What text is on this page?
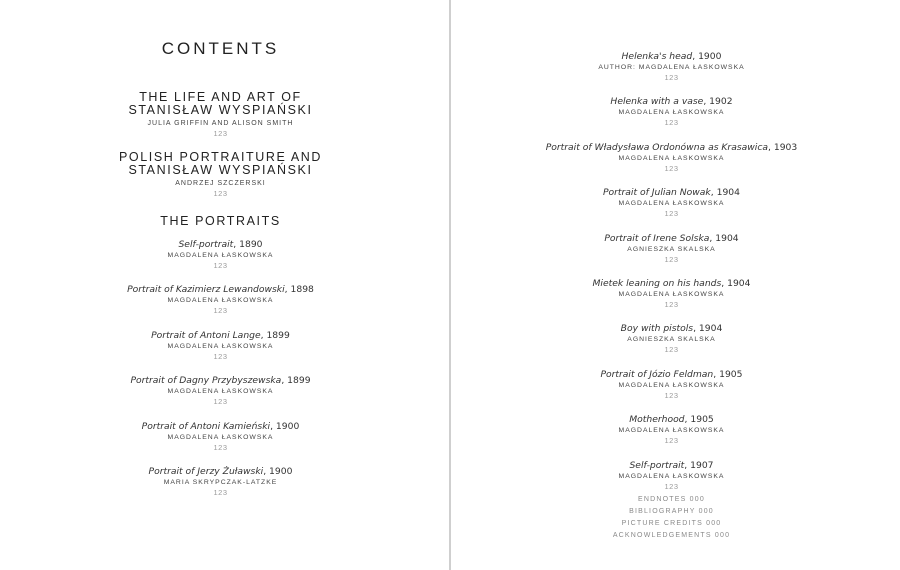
CONTENTS
THE LIFE AND ART OF
STANISŁAW WYSPIAŃSKI
JULIA GRIFFIN AND ALISON SMITH
123
POLISH PORTRAITURE AND
STANISŁAW WYSPIAŃSKI
ANDRZEJ SZCZERSKI
123
THE PORTRAITS
Self-portrait, 1890
MAGDALENA ŁASKOWSKA
123
Portrait of Kazimierz Lewandowski, 1898
MAGDALENA ŁASKOWSKA
123
Portrait of Antoni Lange, 1899
MAGDALENA ŁASKOWSKA
123
Portrait of Dagny Przybyszewska, 1899
MAGDALENA ŁASKOWSKA
123
Portrait of Antoni Kamieński, 1900
MAGDALENA ŁASKOWSKA
123
Portrait of Jerzy Żuławski, 1900
MARIA SKRYPCZAK-LATZKE
123
Helenka's head, 1900
AUTHOR: MAGDALENA ŁASKOWSKA
123
Helenka with a vase, 1902
MAGDALENA ŁASKOWSKA
123
Portrait of Władysława Ordonówna as Krasawica, 1903
MAGDALENA ŁASKOWSKA
123
Portrait of Julian Nowak, 1904
MAGDALENA ŁASKOWSKA
123
Portrait of Irene Solska, 1904
AGNIESZKA SKALSKA
123
Mietek leaning on his hands, 1904
MAGDALENA ŁASKOWSKA
123
Boy with pistols, 1904
AGNIESZKA SKALSKA
123
Portrait of Józio Feldman, 1905
MAGDALENA ŁASKOWSKA
123
Motherhood, 1905
MAGDALENA ŁASKOWSKA
123
Self-portrait, 1907
MAGDALENA ŁASKOWSKA
123
ENDNOTES 000
BIBLIOGRAPHY 000
PICTURE CREDITS 000
ACKNOWLEDGEMENTS 000
